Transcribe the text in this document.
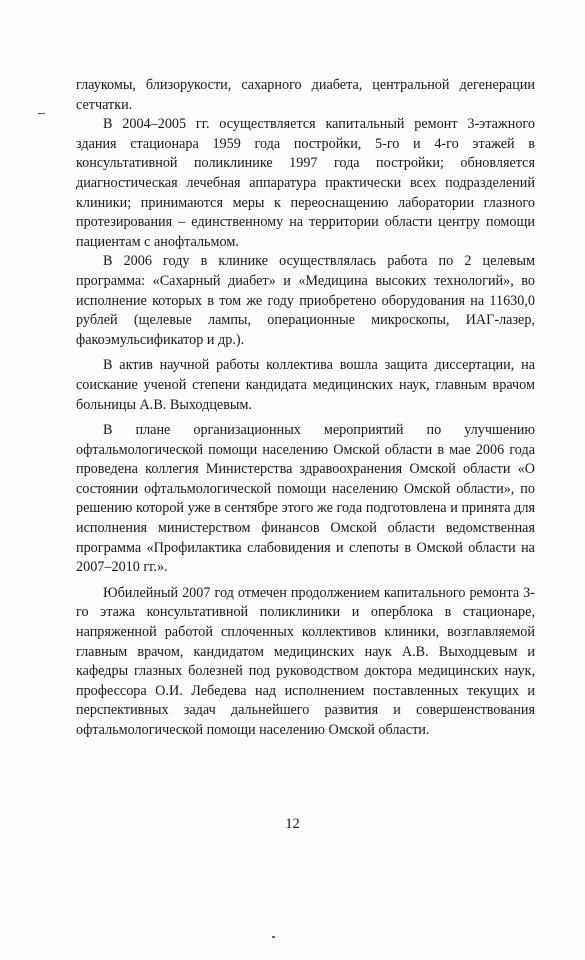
глаукомы, близорукости, сахарного диабета, центральной дегенерации сетчатки.

В 2004–2005 гг. осуществляется капитальный ремонт 3-этажного здания стационара 1959 года постройки, 5-го и 4-го этажей в консультативной поликлинике 1997 года постройки; обновляется диагностическая лечебная аппаратура практически всех подразделений клиники; принимаются меры к переоснащению лаборатории глазного протезирования – единственному на территории области центру помощи пациентам с анофтальмом.

В 2006 году в клинике осуществлялась работа по 2 целевым программа: «Сахарный диабет» и «Медицина высоких технологий», во исполнение которых в том же году приобретено оборудования на 11630,0 рублей (щелевые лампы, операционные микроскопы, ИАГ-лазер, факоэмульсификатор и др.).

В актив научной работы коллектива вошла защита диссертации, на соискание ученой степени кандидата медицинских наук, главным врачом больницы А.В. Выходцевым.

В плане организационных мероприятий по улучшению офтальмологической помощи населению Омской области в мае 2006 года проведена коллегия Министерства здравоохранения Омской области «О состоянии офтальмологической помощи населению Омской области», по решению которой уже в сентябре этого же года подготовлена и принята для исполнения министерством финансов Омской области ведомственная программа «Профилактика слабовидения и слепоты в Омской области на 2007–2010 гг.».

Юбилейный 2007 год отмечен продолжением капитального ремонта 3-го этажа консультативной поликлиники и оперблока в стационаре, напряженной работой сплоченных коллективов клиники, возглавляемой главным врачом, кандидатом медицинских наук А.В. Выходцевым и кафедры глазных болезней под руководством доктора медицинских наук, профессора О.И. Лебедева над исполнением поставленных текущих и перспективных задач дальнейшего развития и совершенствования офтальмологической помощи населению Омской области.

12
